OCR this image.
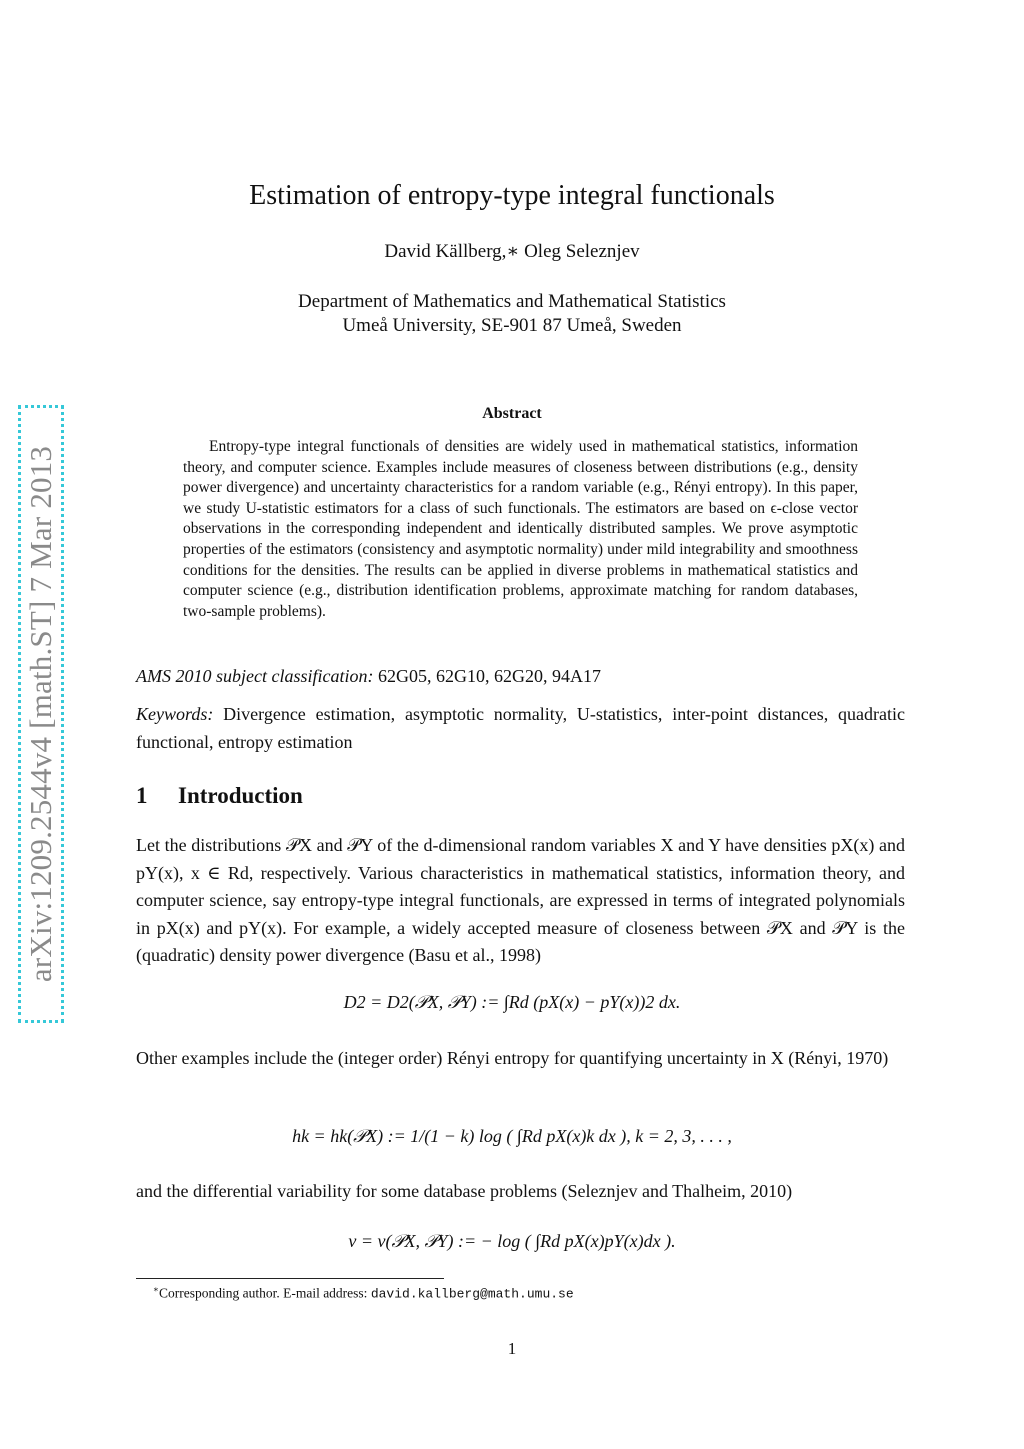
arXiv:1209.2544v4 [math.ST] 7 Mar 2013
Estimation of entropy-type integral functionals
David Källberg,∗ Oleg Seleznjev
Department of Mathematics and Mathematical Statistics
Umeå University, SE-901 87 Umeå, Sweden
Abstract

Entropy-type integral functionals of densities are widely used in mathematical statistics, information theory, and computer science. Examples include measures of closeness between distributions (e.g., density power divergence) and uncertainty characteristics for a random variable (e.g., Rényi entropy). In this paper, we study U-statistic estimators for a class of such functionals. The estimators are based on ϵ-close vector observations in the corresponding independent and identically distributed samples. We prove asymptotic properties of the estimators (consistency and asymptotic normality) under mild integrability and smoothness conditions for the densities. The results can be applied in diverse problems in mathematical statistics and computer science (e.g., distribution identification problems, approximate matching for random databases, two-sample problems).

AMS 2010 subject classification: 62G05, 62G10, 62G20, 94A17
Keywords: Divergence estimation, asymptotic normality, U-statistics, inter-point distances, quadratic functional, entropy estimation
1 Introduction

Let the distributions 𝒫X and 𝒫Y of the d-dimensional random variables X and Y have densities pX(x) and pY(x), x ∈ Rd, respectively. Various characteristics in mathematical statistics, information theory, and computer science, say entropy-type integral functionals, are expressed in terms of integrated polynomials in pX(x) and pY(x). For example, a widely accepted measure of closeness between 𝒫X and 𝒫Y is the (quadratic) density power divergence (Basu et al., 1998)

D2 = D2(𝒫X, 𝒫Y) := ∫Rd (pX(x) − pY(x))2 dx.

Other examples include the (integer order) Rényi entropy for quantifying uncertainty in X (Rényi, 1970)

hk = hk(𝒫X) := 1/(1 − k) log ( ∫Rd pX(x)k dx ), k = 2, 3, . . . ,

and the differential variability for some database problems (Seleznjev and Thalheim, 2010)

v = v(𝒫X, 𝒫Y) := − log ( ∫Rd pX(x)pY(x)dx ).
∗Corresponding author. E-mail address: david.kallberg@math.umu.se
1
